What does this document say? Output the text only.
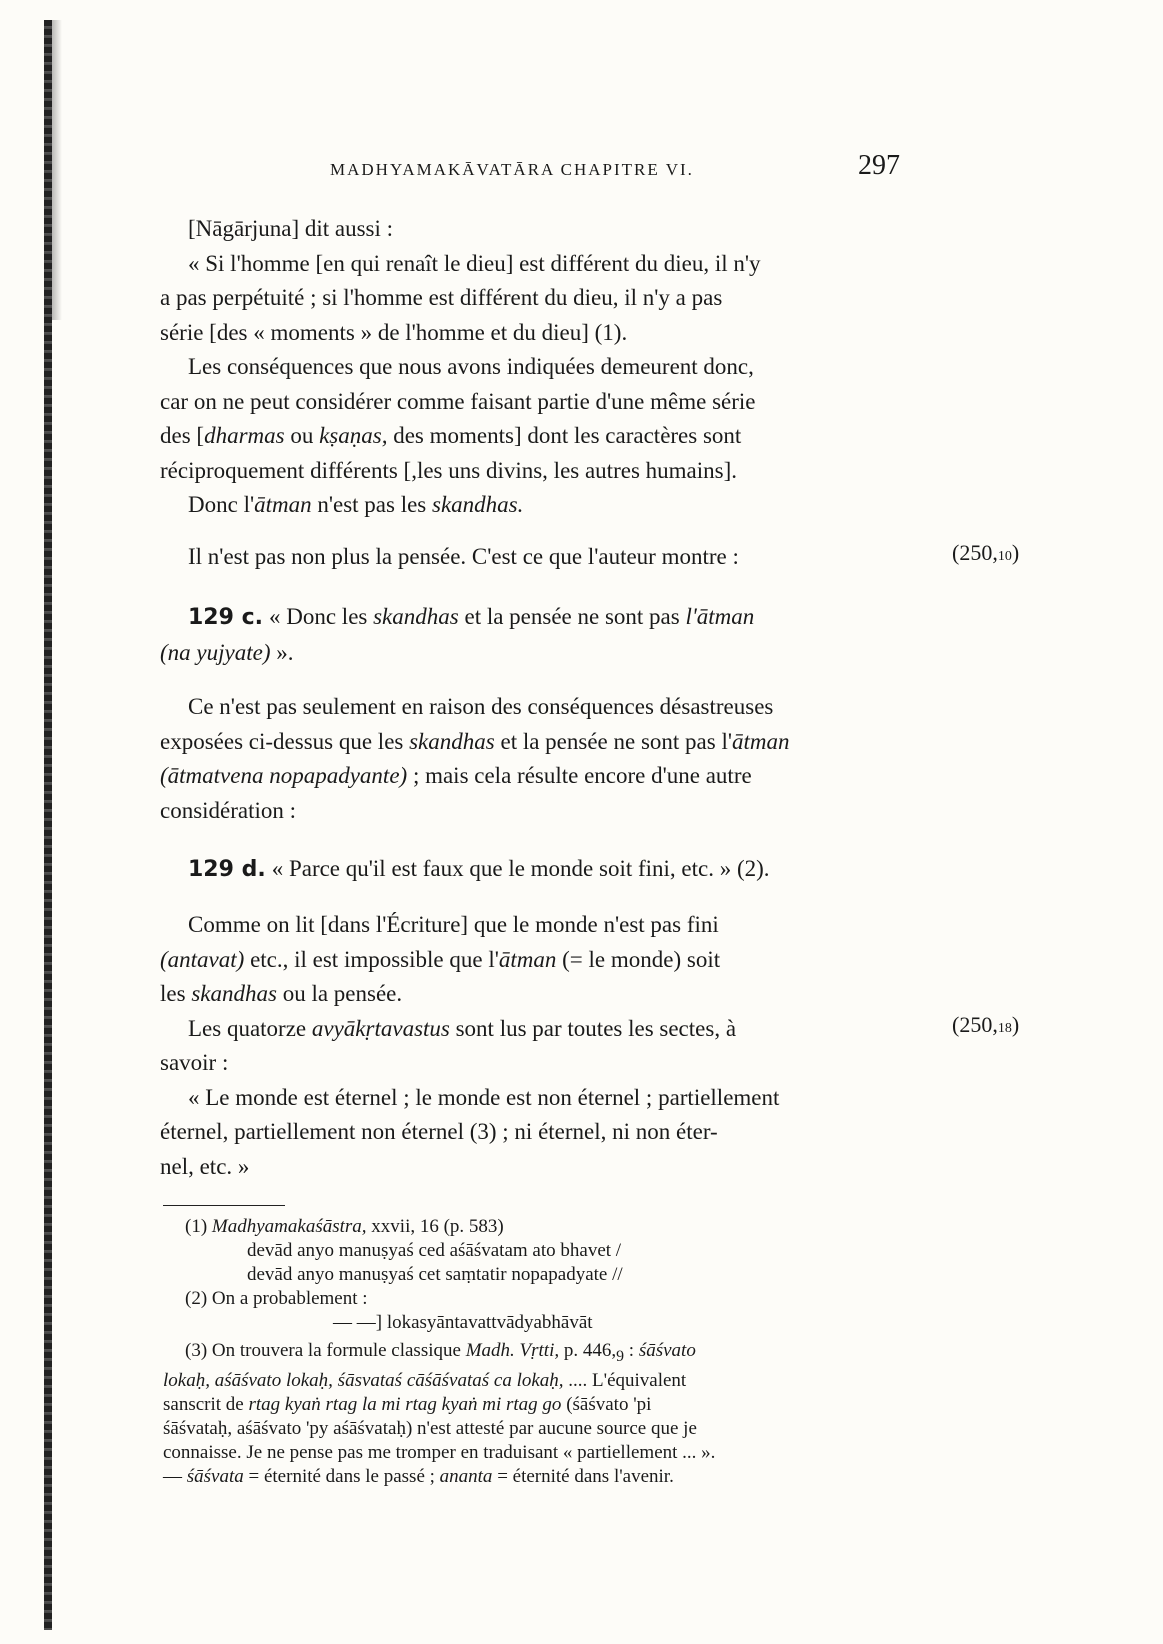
MADHYAMAKĀVATĀRA CHAPITRE VI.	297

[Nāgārjuna] dit aussi :

« Si l'homme [en qui renaît le dieu] est différent du dieu, il n'y

a pas perpétuité ; si l'homme est différent du dieu, il n'y a pas

série [des « moments » de l'homme et du dieu] (1).

Les conséquences que nous avons indiquées demeurent donc,

car on ne peut considérer comme faisant partie d'une même série

des [dharmas ou kṣaṇas, des moments] dont les caractères sont

réciproquement différents [,les uns divins, les autres humains].

Donc l'ātman n'est pas les skandhas.

Il n'est pas non plus la pensée. C'est ce que l'auteur montre :	(250,10)

129 c. « Donc les skandhas et la pensée ne sont pas l'ātman

(na yujyate) ».

Ce n'est pas seulement en raison des conséquences désastreuses

exposées ci-dessus que les skandhas et la pensée ne sont pas l'ātman

(ātmatvena nopapadyante) ; mais cela résulte encore d'une autre

considération :

129 d. « Parce qu'il est faux que le monde soit fini, etc. » (2).

Comme on lit [dans l'Écriture] que le monde n'est pas fini

(antavat) etc., il est impossible que l'ātman (= le monde) soit

les skandhas ou la pensée.

Les quatorze avyākṛtavastus sont lus par toutes les sectes, à

savoir :

« Le monde est éternel ; le monde est non éternel ; partiellement

éternel, partiellement non éternel (3) ; ni éternel, ni non éter-

nel, etc. »

(250,18)

(1) Madhyamakaśāstra, xxvii, 16 (p. 583)

devād anyo manuṣyaś ced aśāśvatam ato bhavet /

devād anyo manuṣyaś cet saṃtatir nopapadyate //

(2) On a probablement :

— —] lokasyāntavattvādyabhāvāt

(3) On trouvera la formule classique Madh. Vṛtti, p. $446,_9$ : śāśvato

lokaḥ, aśāśvato lokaḥ, śāsvataś cāśāśvataś ca lokaḥ, .... L'équivalent

sanscrit de rtag kyaṅ rtag la mi rtag kyaṅ mi rtag go (śāśvato 'pi

śāśvataḥ, aśāśvato 'py aśāśvataḥ) n'est attesté par aucune source que je

connaisse. Je ne pense pas me tromper en traduisant « partiellement ... ».

— śāśvata = éternité dans le passé ; ananta = éternité dans l'avenir.
